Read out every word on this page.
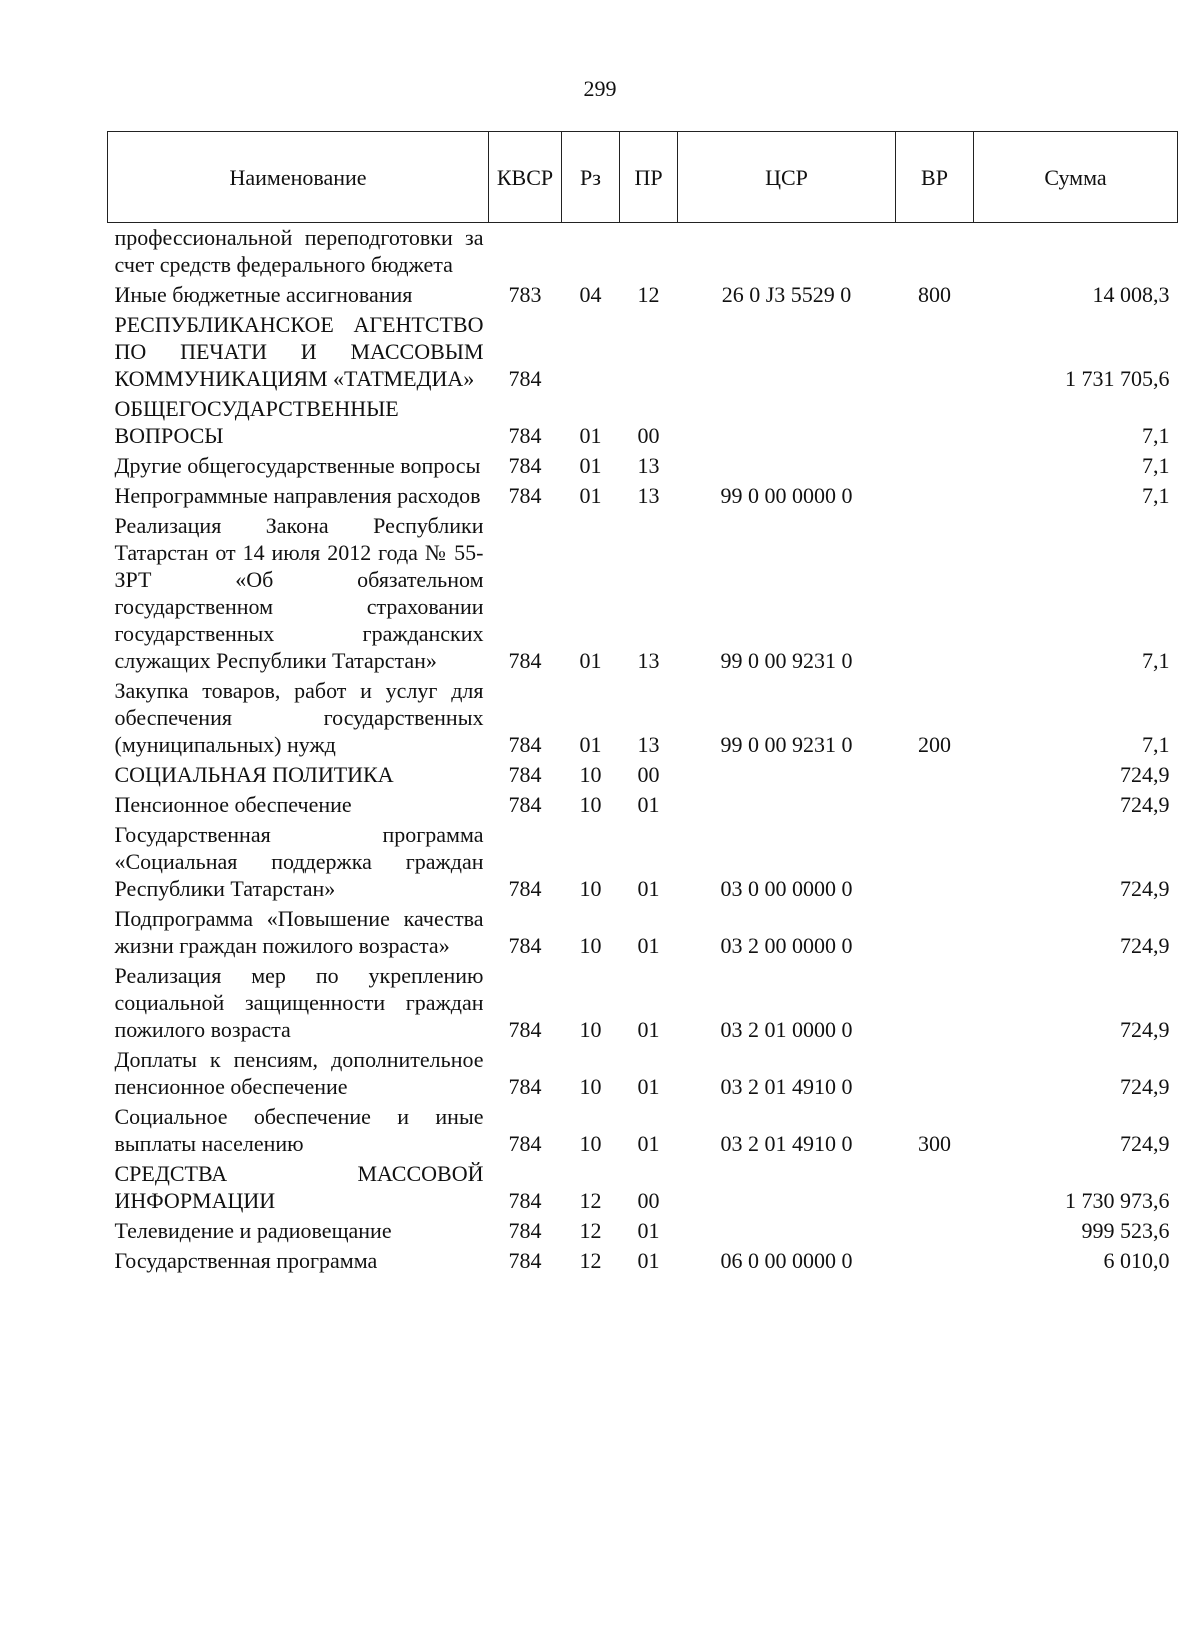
299
Наименование	КВСР	Рз	ПР	ЦСР	ВР	Сумма
профессиональной переподготовки за счет средств федерального бюджета						
Иные бюджетные ассигнования	783	04	12	26 0 J3 5529 0	800	14 008,3
РЕСПУБЛИКАНСКОЕ АГЕНТСТВО ПО ПЕЧАТИ И МАССОВЫМ КОММУНИКАЦИЯМ «ТАТМЕДИА»	784					1 731 705,6
ОБЩЕГОСУДАРСТВЕННЫЕ ВОПРОСЫ	784	01	00			7,1
Другие общегосударственные вопросы	784	01	13			7,1
Непрограммные направления расходов	784	01	13	99 0 00 0000 0		7,1
Реализация Закона Республики Татарстан от 14 июля 2012 года № 55-ЗРТ «Об обязательном государственном страховании государственных гражданских служащих Республики Татарстан»	784	01	13	99 0 00 9231 0		7,1
Закупка товаров, работ и услуг для обеспечения государственных (муниципальных) нужд	784	01	13	99 0 00 9231 0	200	7,1
СОЦИАЛЬНАЯ ПОЛИТИКА	784	10	00			724,9
Пенсионное обеспечение	784	10	01			724,9
Государственная программа «Социальная поддержка граждан Республики Татарстан»	784	10	01	03 0 00 0000 0		724,9
Подпрограмма «Повышение качества жизни граждан пожилого возраста»	784	10	01	03 2 00 0000 0		724,9
Реализация мер по укреплению социальной защищенности граждан пожилого возраста	784	10	01	03 2 01 0000 0		724,9
Доплаты к пенсиям, дополнительное пенсионное обеспечение	784	10	01	03 2 01 4910 0		724,9
Социальное обеспечение и иные выплаты населению	784	10	01	03 2 01 4910 0	300	724,9
СРЕДСТВА МАССОВОЙ ИНФОРМАЦИИ	784	12	00			1 730 973,6
Телевидение и радиовещание	784	12	01			999 523,6
Государственная программа	784	12	01	06 0 00 0000 0		6 010,0
